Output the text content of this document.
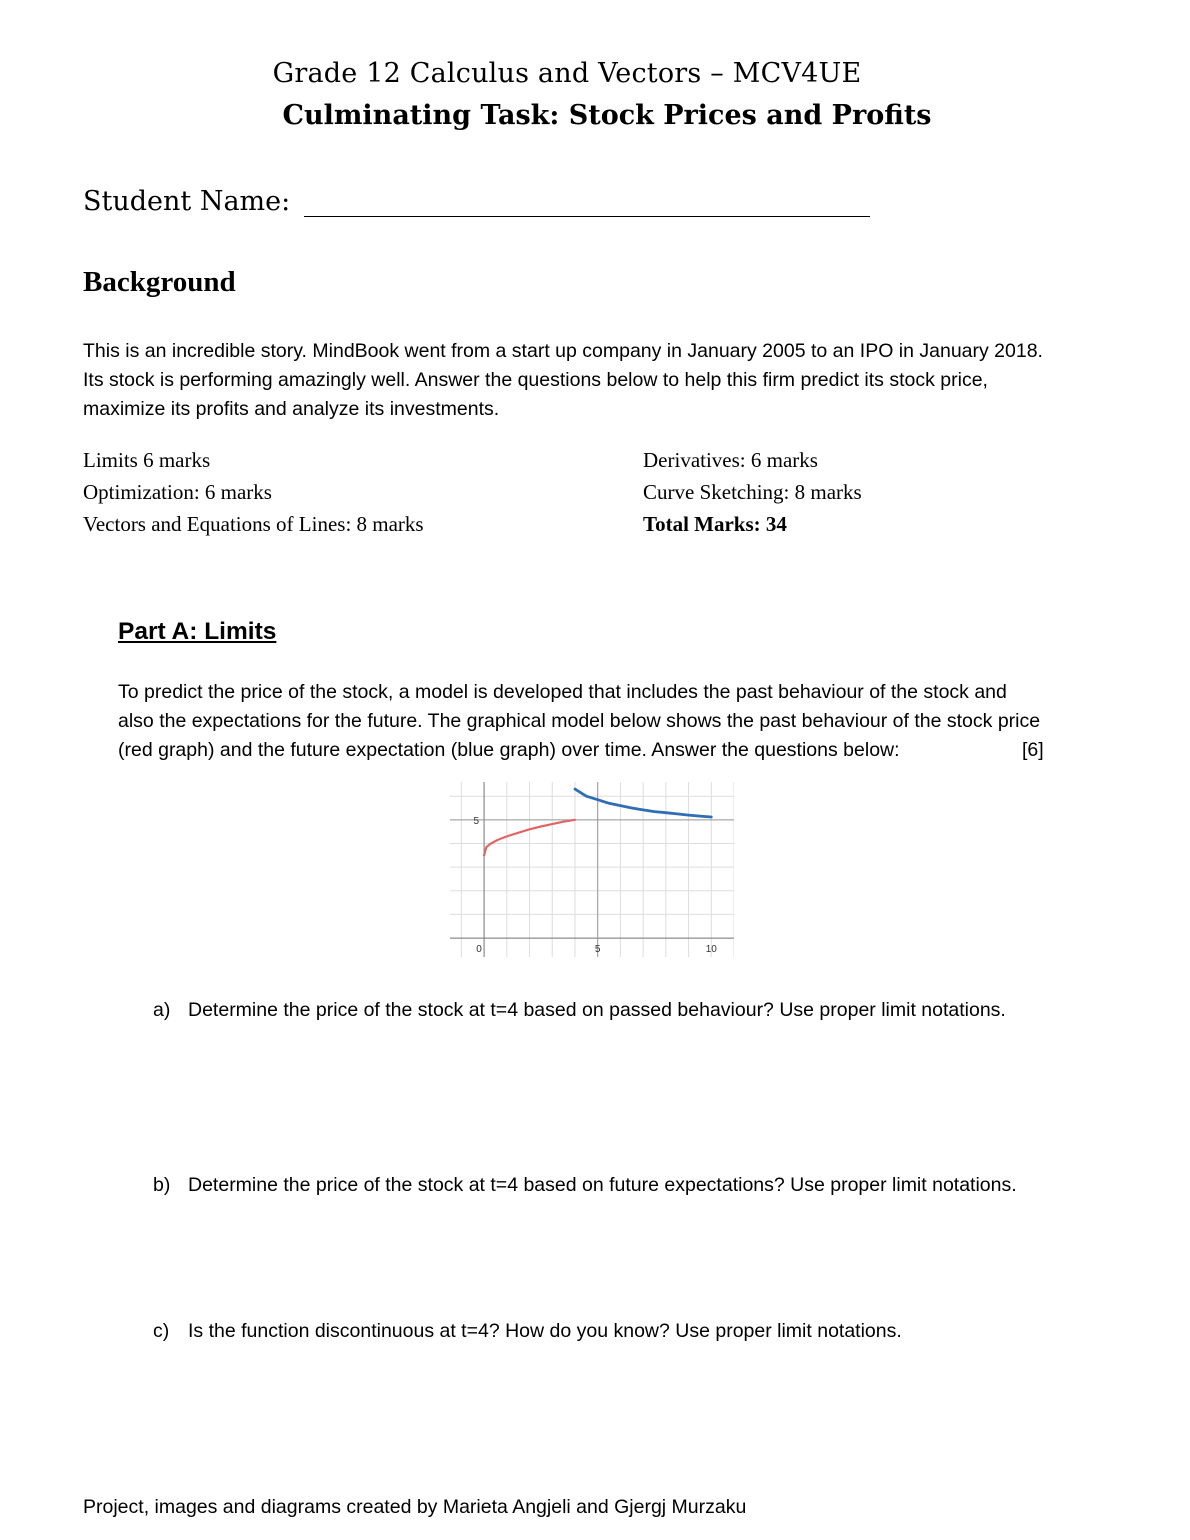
Grade 12 Calculus and Vectors – MCV4UE
Culminating Task: Stock Prices and Profits
Student Name:
Background
This is an incredible story. MindBook went from a start up company in January 2005 to an IPO in January 2018.
Its stock is performing amazingly well. Answer the questions below to help this firm predict its stock price,
maximize its profits and analyze its investments.
Limits 6 marks
Optimization: 6 marks
Vectors and Equations of Lines: 8 marks
Derivatives: 6 marks
Curve Sketching: 8 marks
Total Marks: 34
Part A: Limits
To predict the price of the stock, a model is developed that includes the past behaviour of the stock and
also the expectations for the future. The graphical model below shows the past behaviour of the stock price
(red graph) and the future expectation (blue graph) over time. Answer the questions below:	[6]
0	5	10
5
a) Determine the price of the stock at t=4 based on passed behaviour? Use proper limit notations.
b) Determine the price of the stock at t=4 based on future expectations? Use proper limit notations.
c) Is the function discontinuous at t=4? How do you know? Use proper limit notations.
Project, images and diagrams created by Marieta Angjeli and Gjergj Murzaku
